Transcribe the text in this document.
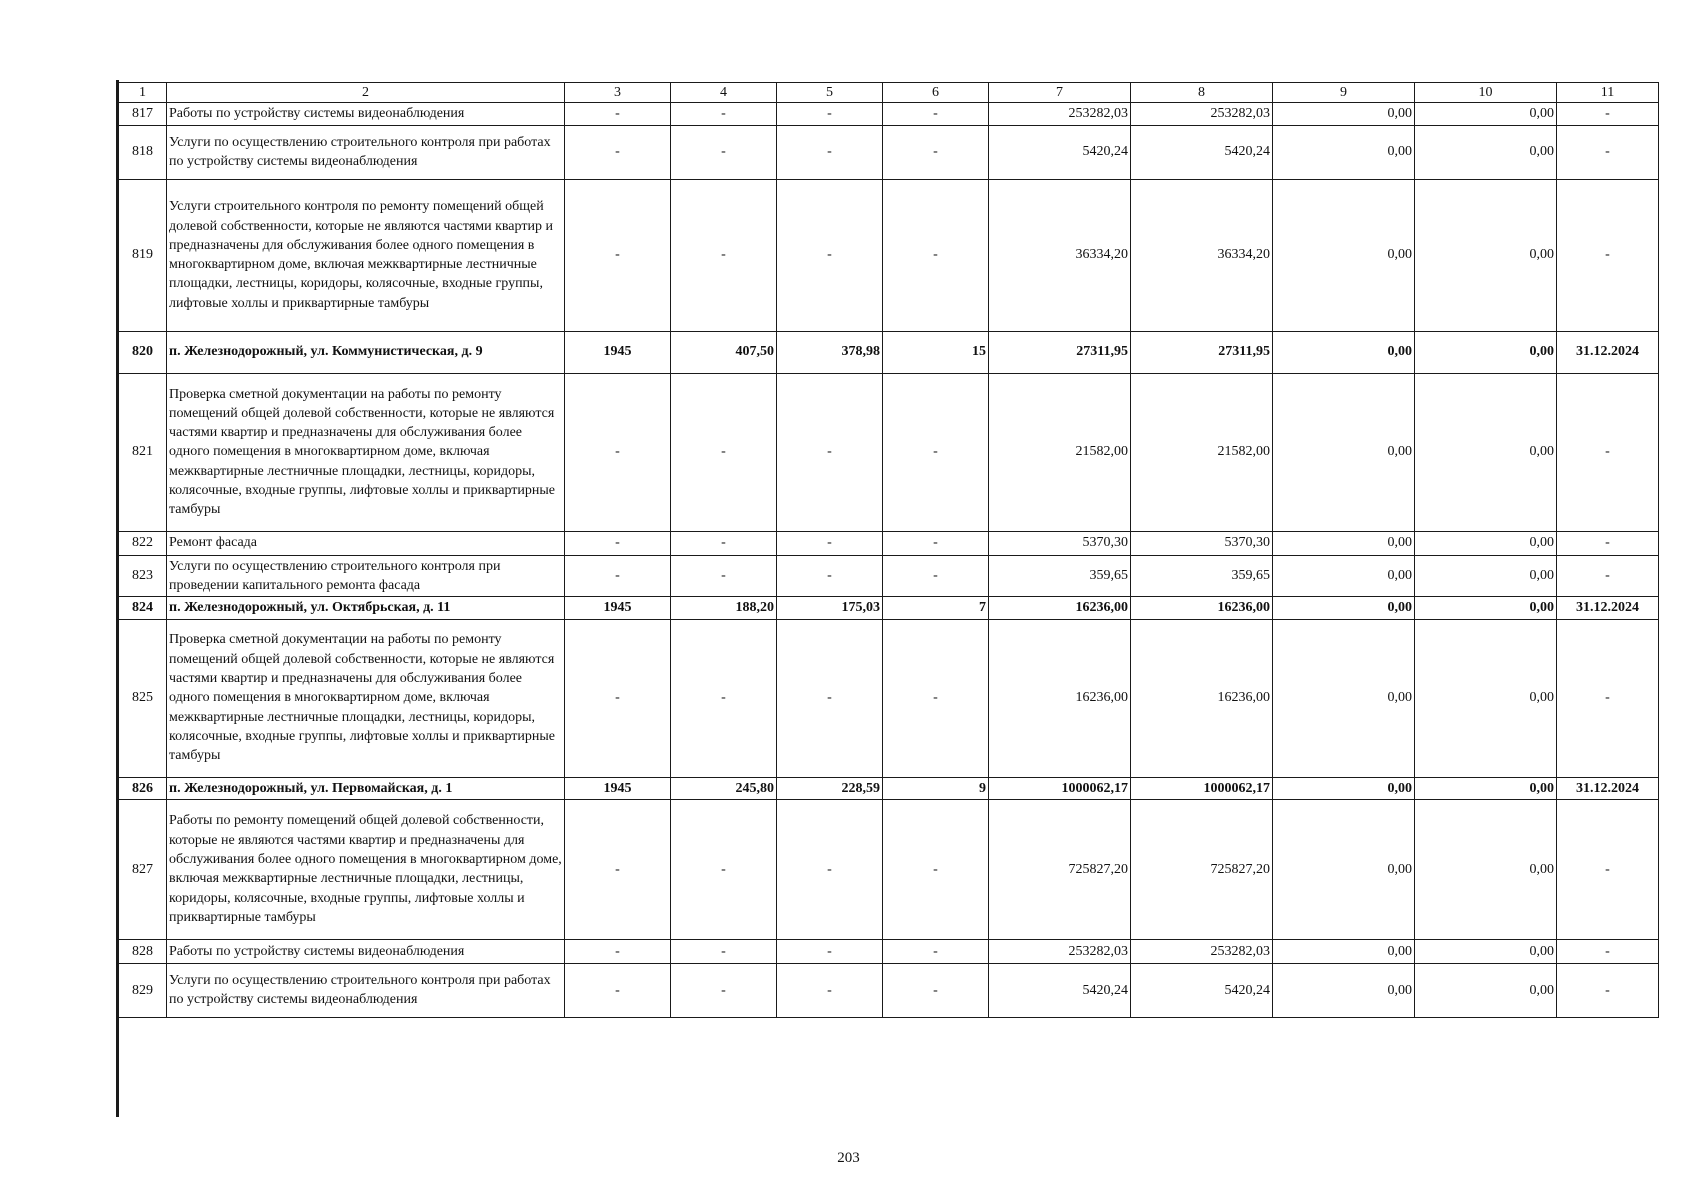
1	2	3	4	5	6	7	8	9	10	11
817	Работы по устройству системы видеонаблюдения	-	-	-	-	253282,03	253282,03	0,00	0,00	-
818	Услуги по осуществлению строительного контроля при работах по устройству системы видеонаблюдения	-	-	-	-	5420,24	5420,24	0,00	0,00	-
819	Услуги строительного контроля по ремонту помещений общей долевой собственности, которые не являются частями квартир и предназначены для обслуживания более одного помещения в многоквартирном доме, включая межквартирные лестничные площадки, лестницы, коридоры, колясочные, входные группы, лифтовые холлы и приквартирные тамбуры	-	-	-	-	36334,20	36334,20	0,00	0,00	-
820	п. Железнодорожный, ул. Коммунистическая, д. 9	1945	407,50	378,98	15	27311,95	27311,95	0,00	0,00	31.12.2024
821	Проверка сметной документации на работы по ремонту помещений общей долевой собственности, которые не являются частями квартир и предназначены для обслуживания более одного помещения в многоквартирном доме, включая межквартирные лестничные площадки, лестницы, коридоры, колясочные, входные группы, лифтовые холлы и приквартирные тамбуры	-	-	-	-	21582,00	21582,00	0,00	0,00	-
822	Ремонт фасада	-	-	-	-	5370,30	5370,30	0,00	0,00	-
823	Услуги по осуществлению строительного контроля при проведении капитального ремонта фасада	-	-	-	-	359,65	359,65	0,00	0,00	-
824	п. Железнодорожный, ул. Октябрьская, д. 11	1945	188,20	175,03	7	16236,00	16236,00	0,00	0,00	31.12.2024
825	Проверка сметной документации на работы по ремонту помещений общей долевой собственности, которые не являются частями квартир и предназначены для обслуживания более одного помещения в многоквартирном доме, включая межквартирные лестничные площадки, лестницы, коридоры, колясочные, входные группы, лифтовые холлы и приквартирные тамбуры	-	-	-	-	16236,00	16236,00	0,00	0,00	-
826	п. Железнодорожный, ул. Первомайская, д. 1	1945	245,80	228,59	9	1000062,17	1000062,17	0,00	0,00	31.12.2024
827	Работы по ремонту помещений общей долевой собственности, которые не являются частями квартир и предназначены для обслуживания более одного помещения в многоквартирном доме, включая межквартирные лестничные площадки, лестницы, коридоры, колясочные, входные группы, лифтовые холлы и приквартирные тамбуры	-	-	-	-	725827,20	725827,20	0,00	0,00	-
828	Работы по устройству системы видеонаблюдения	-	-	-	-	253282,03	253282,03	0,00	0,00	-
829	Услуги по осуществлению строительного контроля при работах по устройству системы видеонаблюдения	-	-	-	-	5420,24	5420,24	0,00	0,00	-
203
